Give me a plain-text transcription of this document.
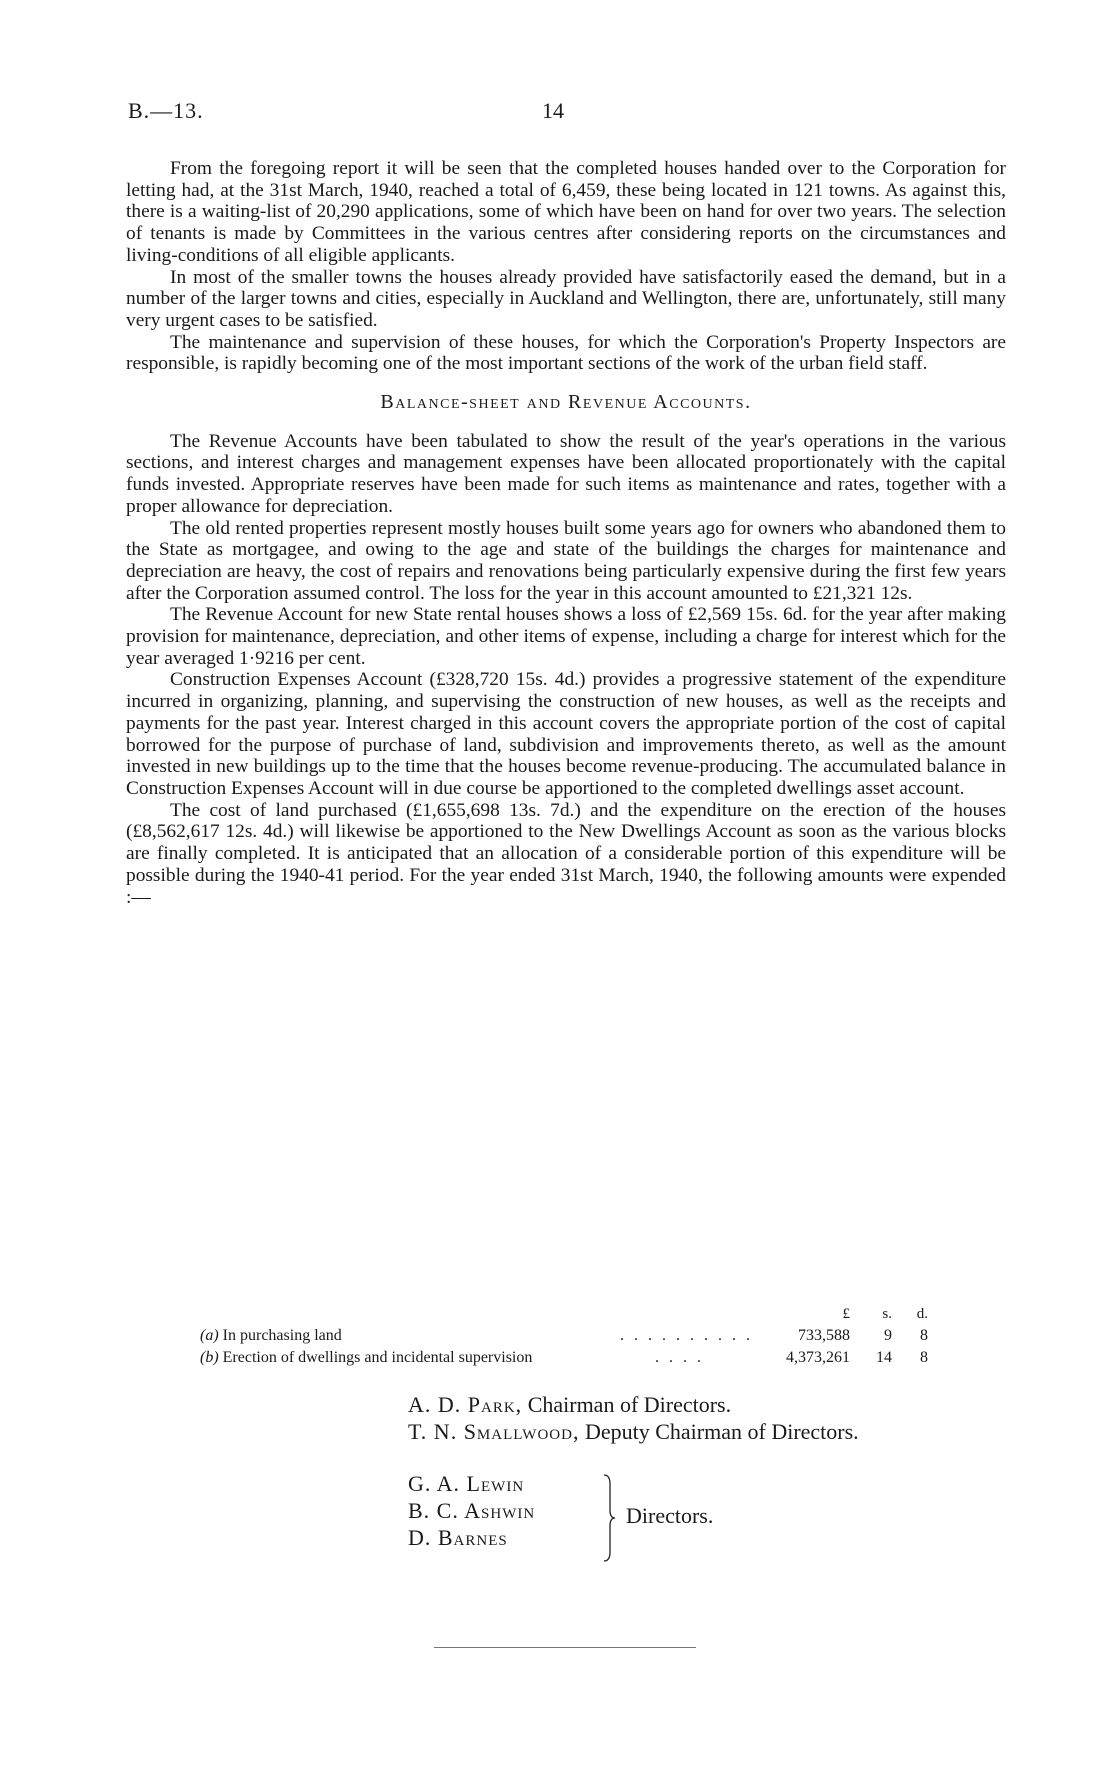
B.—13.	14

From the foregoing report it will be seen that the completed houses handed over to the Corporation for letting had, at the 31st March, 1940, reached a total of 6,459, these being located in 121 towns. As against this, there is a waiting-list of 20,290 applications, some of which have been on hand for over two years. The selection of tenants is made by Committees in the various centres after considering reports on the circumstances and living-conditions of all eligible applicants.

In most of the smaller towns the houses already provided have satisfactorily eased the demand, but in a number of the larger towns and cities, especially in Auckland and Wellington, there are, unfortunately, still many very urgent cases to be satisfied.

The maintenance and supervision of these houses, for which the Corporation's Property Inspectors are responsible, is rapidly becoming one of the most important sections of the work of the urban field staff.

Balance-sheet and Revenue Accounts.

The Revenue Accounts have been tabulated to show the result of the year's operations in the various sections, and interest charges and management expenses have been allocated proportionately with the capital funds invested. Appropriate reserves have been made for such items as maintenance and rates, together with a proper allowance for depreciation.

The old rented properties represent mostly houses built some years ago for owners who abandoned them to the State as mortgagee, and owing to the age and state of the buildings the charges for maintenance and depreciation are heavy, the cost of repairs and renovations being particularly expensive during the first few years after the Corporation assumed control. The loss for the year in this account amounted to £21,321 12s.

The Revenue Account for new State rental houses shows a loss of £2,569 15s. 6d. for the year after making provision for maintenance, depreciation, and other items of expense, including a charge for interest which for the year averaged 1·9216 per cent.

Construction Expenses Account (£328,720 15s. 4d.) provides a progressive statement of the expenditure incurred in organizing, planning, and supervising the construction of new houses, as well as the receipts and payments for the past year. Interest charged in this account covers the appropriate portion of the cost of capital borrowed for the purpose of purchase of land, subdivision and improvements thereto, as well as the amount invested in new buildings up to the time that the houses become revenue-producing. The accumulated balance in Construction Expenses Account will in due course be apportioned to the completed dwellings asset account.

The cost of land purchased (£1,655,698 13s. 7d.) and the expenditure on the erection of the houses (£8,562,617 12s. 4d.) will likewise be apportioned to the New Dwellings Account as soon as the various blocks are finally completed. It is anticipated that an allocation of a considerable portion of this expenditure will be possible during the 1940-41 period. For the year ended 31st March, 1940, the following amounts were expended :—

£ s. d.
(a) In purchasing land	. . . . . . . . . .	733,588 9 8
(b) Erection of dwellings and incidental supervision	. . . .	4,373,261 14 8
A. D. Park, Chairman of Directors.
T. N. Smallwood, Deputy Chairman of Directors.
G. A. Lewin
B. C. Ashwin
D. Barnes
Directors.
